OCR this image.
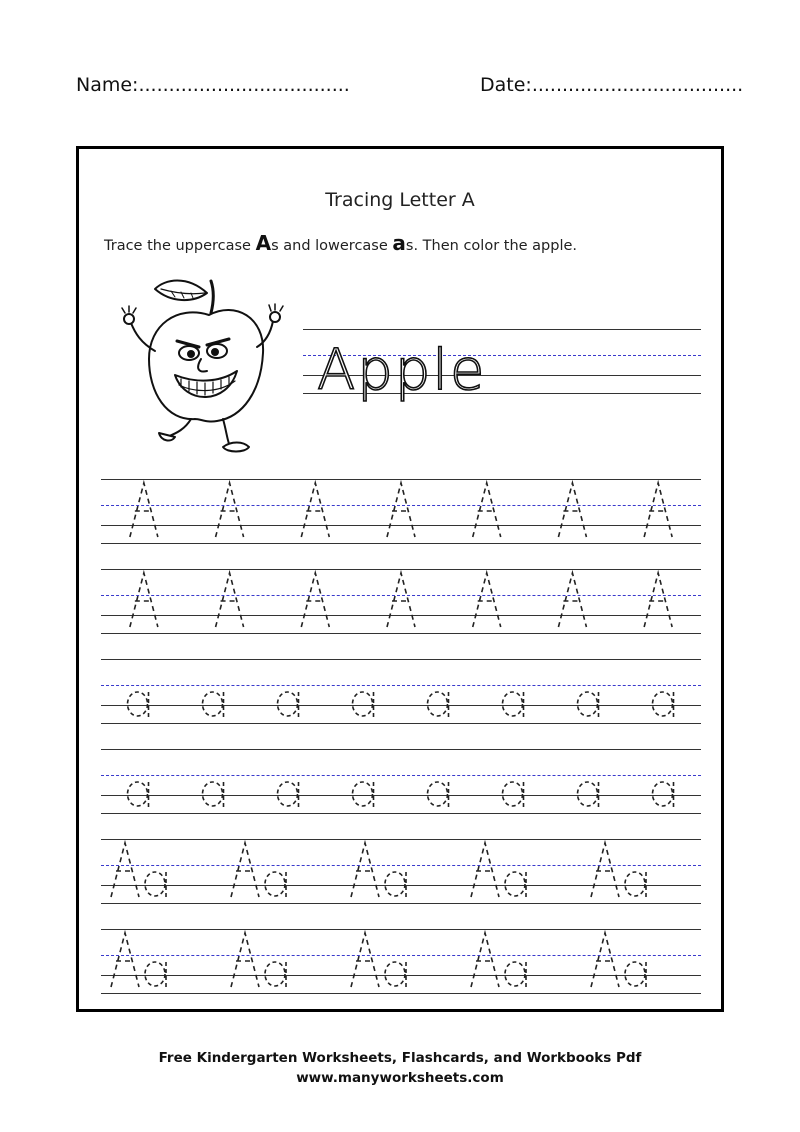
Name:...................................	Date:...................................
Tracing Letter A
Trace the uppercase As and lowercase as. Then color the apple.
Apple
Free Kindergarten Worksheets, Flashcards, and Workbooks Pdf
www.manyworksheets.com
